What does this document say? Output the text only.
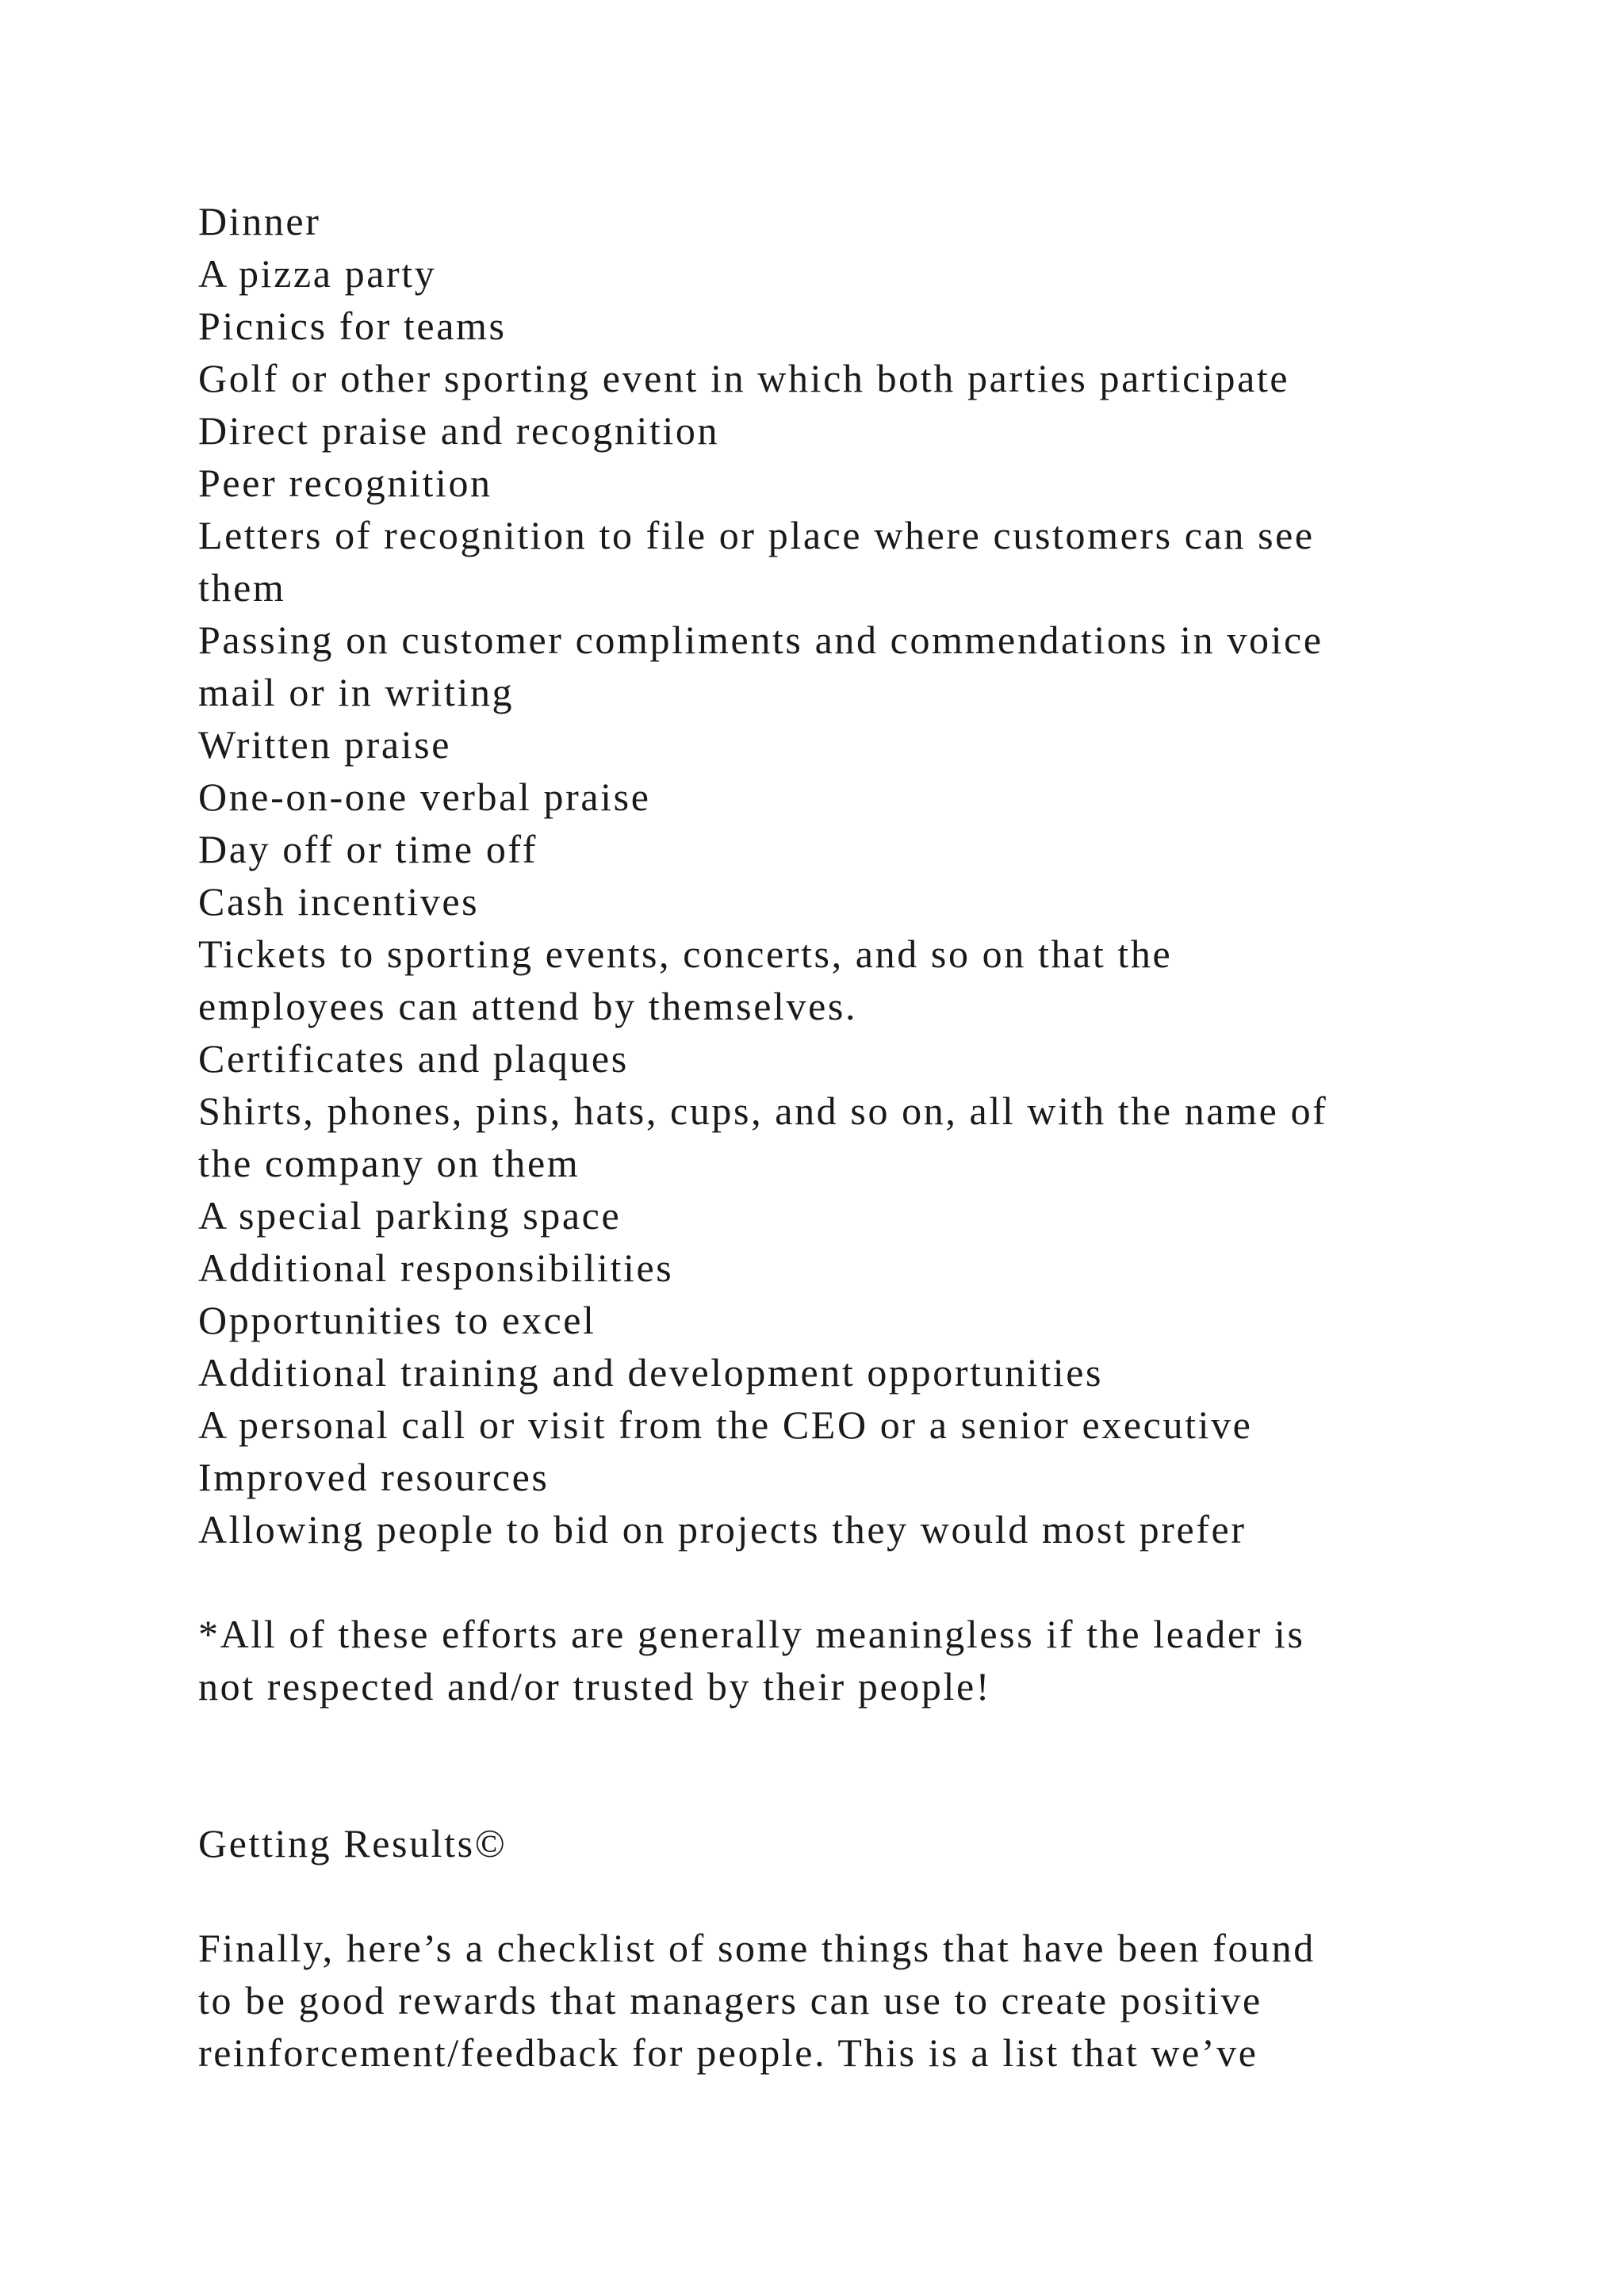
Dinner
A pizza party
Picnics for teams
Golf or other sporting event in which both parties participate
Direct praise and recognition
Peer recognition
Letters of recognition to file or place where customers can see
them
Passing on customer compliments and commendations in voice
mail or in writing
Written praise
One-on-one verbal praise
Day off or time off
Cash incentives
Tickets to sporting events, concerts, and so on that the
employees can attend by themselves.
Certificates and plaques
Shirts, phones, pins, hats, cups, and so on, all with the name of
the company on them
A special parking space
Additional responsibilities
Opportunities to excel
Additional training and development opportunities
A personal call or visit from the CEO or a senior executive
Improved resources
Allowing people to bid on projects they would most prefer
*All of these efforts are generally meaningless if the leader is
not respected and/or trusted by their people!
Getting Results©
Finally, here’s a checklist of some things that have been found
to be good rewards that managers can use to create positive
reinforcement/feedback for people. This is a list that we’ve
